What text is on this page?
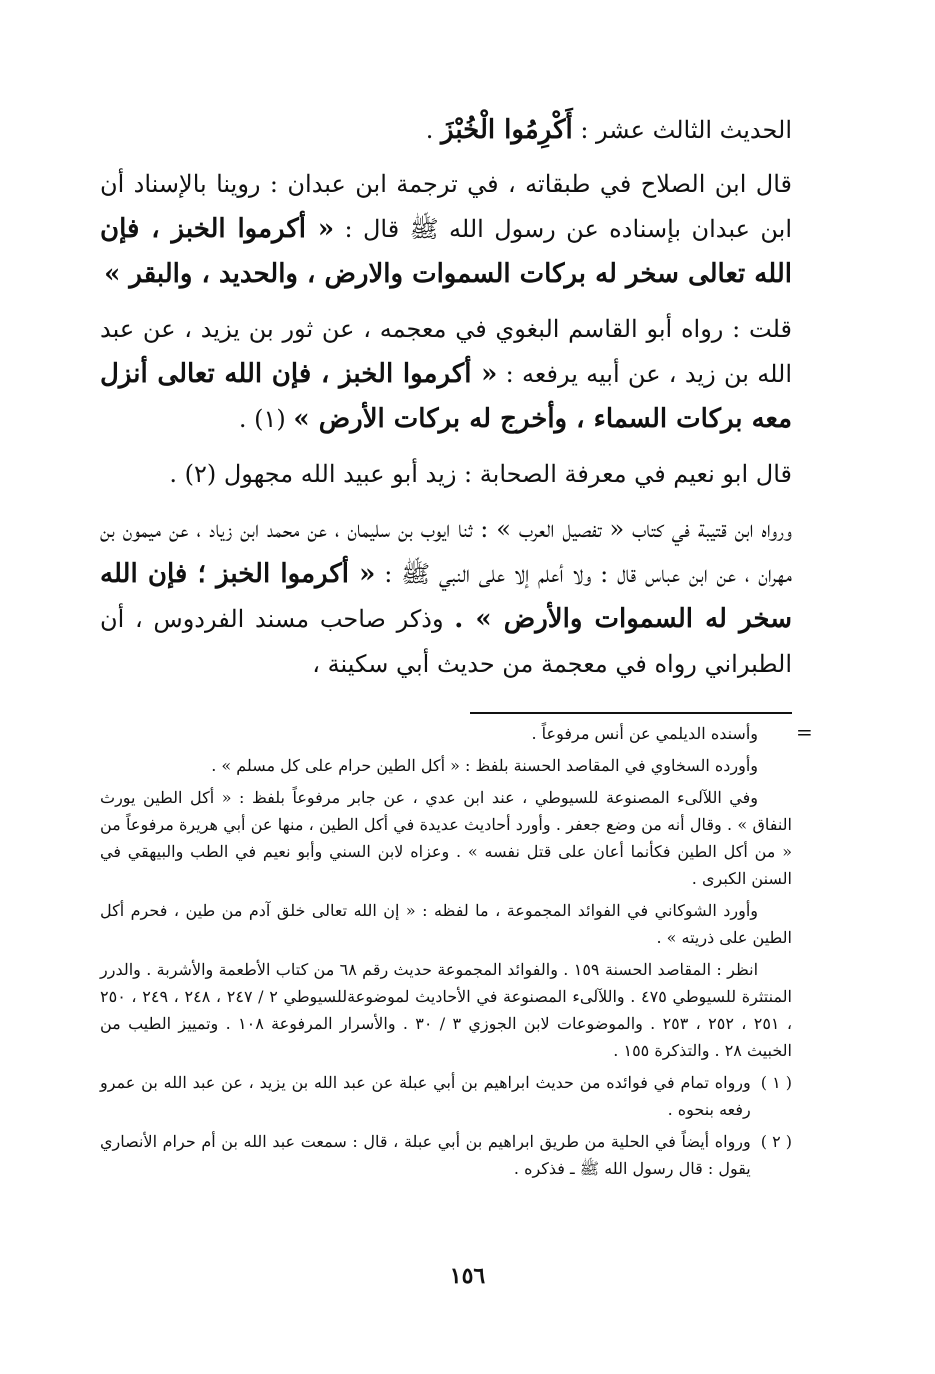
الحديث الثالث عشر : أَكْرِمُوا الْخُبْزَ .

قال ابن الصلاح في طبقاته ، في ترجمة ابن عبدان : روينا بالإسناد أن ابن عبدان بإسناده عن رسول الله ﷺ قال : « أكرموا الخبز ، فإن الله تعالى سخر له بركات السموات والارض ، والحديد ، والبقر »

قلت : رواه أبو القاسم البغوي في معجمه ، عن ثور بن يزيد ، عن عبد الله بن زيد ، عن أبيه يرفعه : « أكرموا الخبز ، فإن الله تعالى أنزل معه بركات السماء ، وأخرج له بركات الأرض » (١) .

قال ابو نعيم في معرفة الصحابة : زيد أبو عبيد الله مجهول (٢) .

ورواه ابن قتيبة في كتاب « تفصيل العرب » : ثنا ايوب بن سليمان ، عن محمد ابن زياد ، عن ميمون بن مهران ، عن ابن عباس قال : ولا أعلم إلا على النبي ﷺ : « أكرموا الخبز ؛ فإن الله سخر له السموات والأرض » . وذكر صاحب مسند الفردوس ، أن الطبراني رواه في معجمة من حديث أبي سكينة ،

=

وأسنده الديلمي عن أنس مرفوعاً .

وأورده السخاوي في المقاصد الحسنة بلفظ : « أكل الطين حرام على كل مسلم » .

وفي اللآلىء المصنوعة للسيوطي ، عند ابن عدي ، عن جابر مرفوعاً بلفظ : « أكل الطين يورث النفاق » . وقال أنه من وضع جعفر . وأورد أحاديث عديدة في أكل الطين ، منها عن أبي هريرة مرفوعاً من « من أكل الطين فكأنما أعان على قتل نفسه » . وعزاه لابن السني وأبو نعيم في الطب والبيهقي في السنن الكبرى .

وأورد الشوكاني في الفوائد المجموعة ، ما لفظه : « إن الله تعالى خلق آدم من طين ، فحرم أكل الطين على ذريته » .

انظر : المقاصد الحسنة ١٥٩ . والفوائد المجموعة حديث رقم ٦٨ من كتاب الأطعمة والأشربة . والدرر المنتثرة للسيوطي ٤٧٥ . واللآلىء المصنوعة في الأحاديث لموضوعةللسيوطي ٢ / ٢٤٧ ، ٢٤٨ ، ٢٤٩ ، ٢٥٠ ، ٢٥١ ، ٢٥٢ ، ٢٥٣ . والموضوعات لابن الجوزي ٣ / ٣٠ . والأسرار المرفوعة ١٠٨ . وتمييز الطيب من الخبيث ٢٨ . والتذكرة ١٥٥ .

( ١ )
ورواه تمام في فوائده من حديث ابراهيم بن أبي عبلة عن عبد الله بن يزيد ، عن عبد الله بن عمرو رفعه بنحوه .
( ٢ )
ورواه أيضاً في الحلية من طريق ابراهيم بن أبي عبلة ، قال : سمعت عبد الله بن أم حرام الأنصاري يقول : قال رسول الله ﷺ ـ فذكره .
١٥٦
